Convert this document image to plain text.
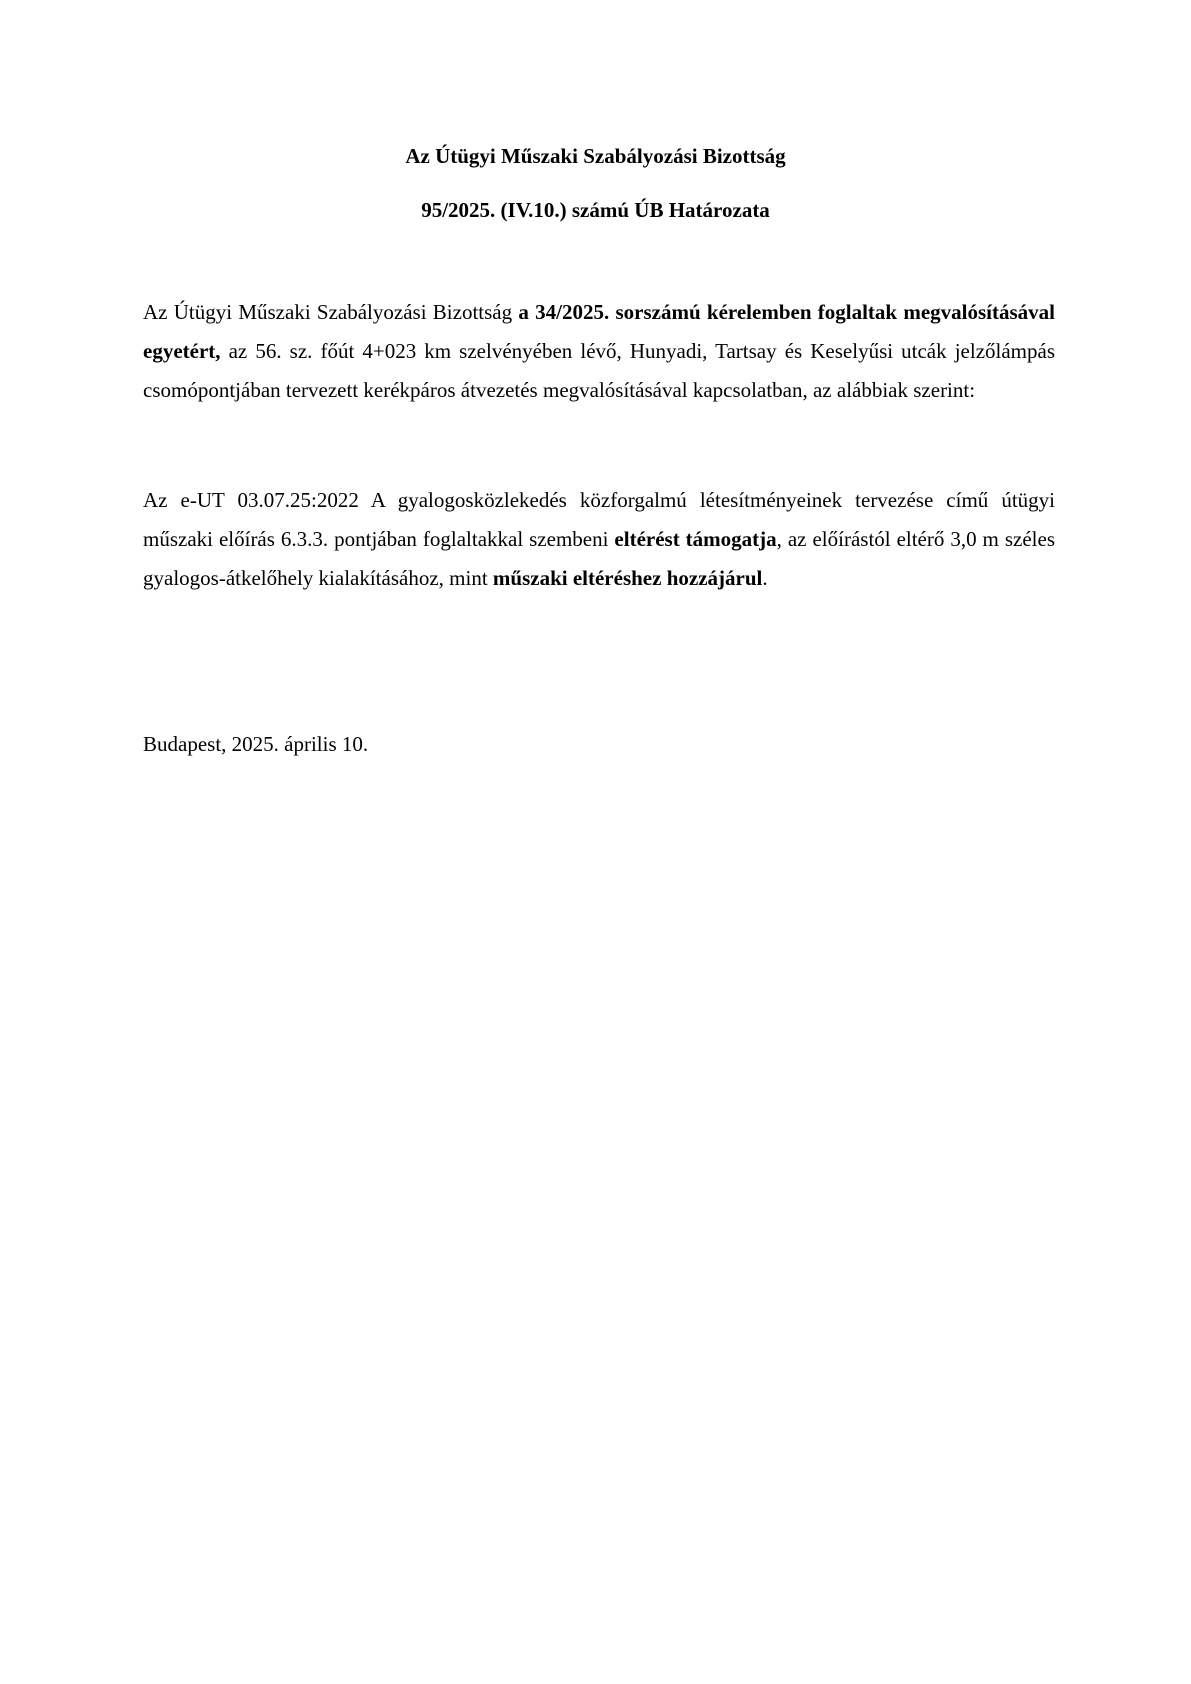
Az Útügyi Műszaki Szabályozási Bizottság
95/2025. (IV.10.) számú ÚB Határozata

Az Útügyi Műszaki Szabályozási Bizottság a 34/2025. sorszámú kérelemben foglaltak megvalósításával egyetért, az 56. sz. főút 4+023 km szelvényében lévő, Hunyadi, Tartsay és Keselyűsi utcák jelzőlámpás csomópontjában tervezett kerékpáros átvezetés megvalósításával kapcsolatban, az alábbiak szerint:

Az e-UT 03.07.25:2022 A gyalogosközlekedés közforgalmú létesítményeinek tervezése című útügyi műszaki előírás 6.3.3. pontjában foglaltakkal szembeni eltérést támogatja, az előírástól eltérő 3,0 m széles gyalogos-átkelőhely kialakításához, mint műszaki eltéréshez hozzájárul.

Budapest, 2025. április 10.
